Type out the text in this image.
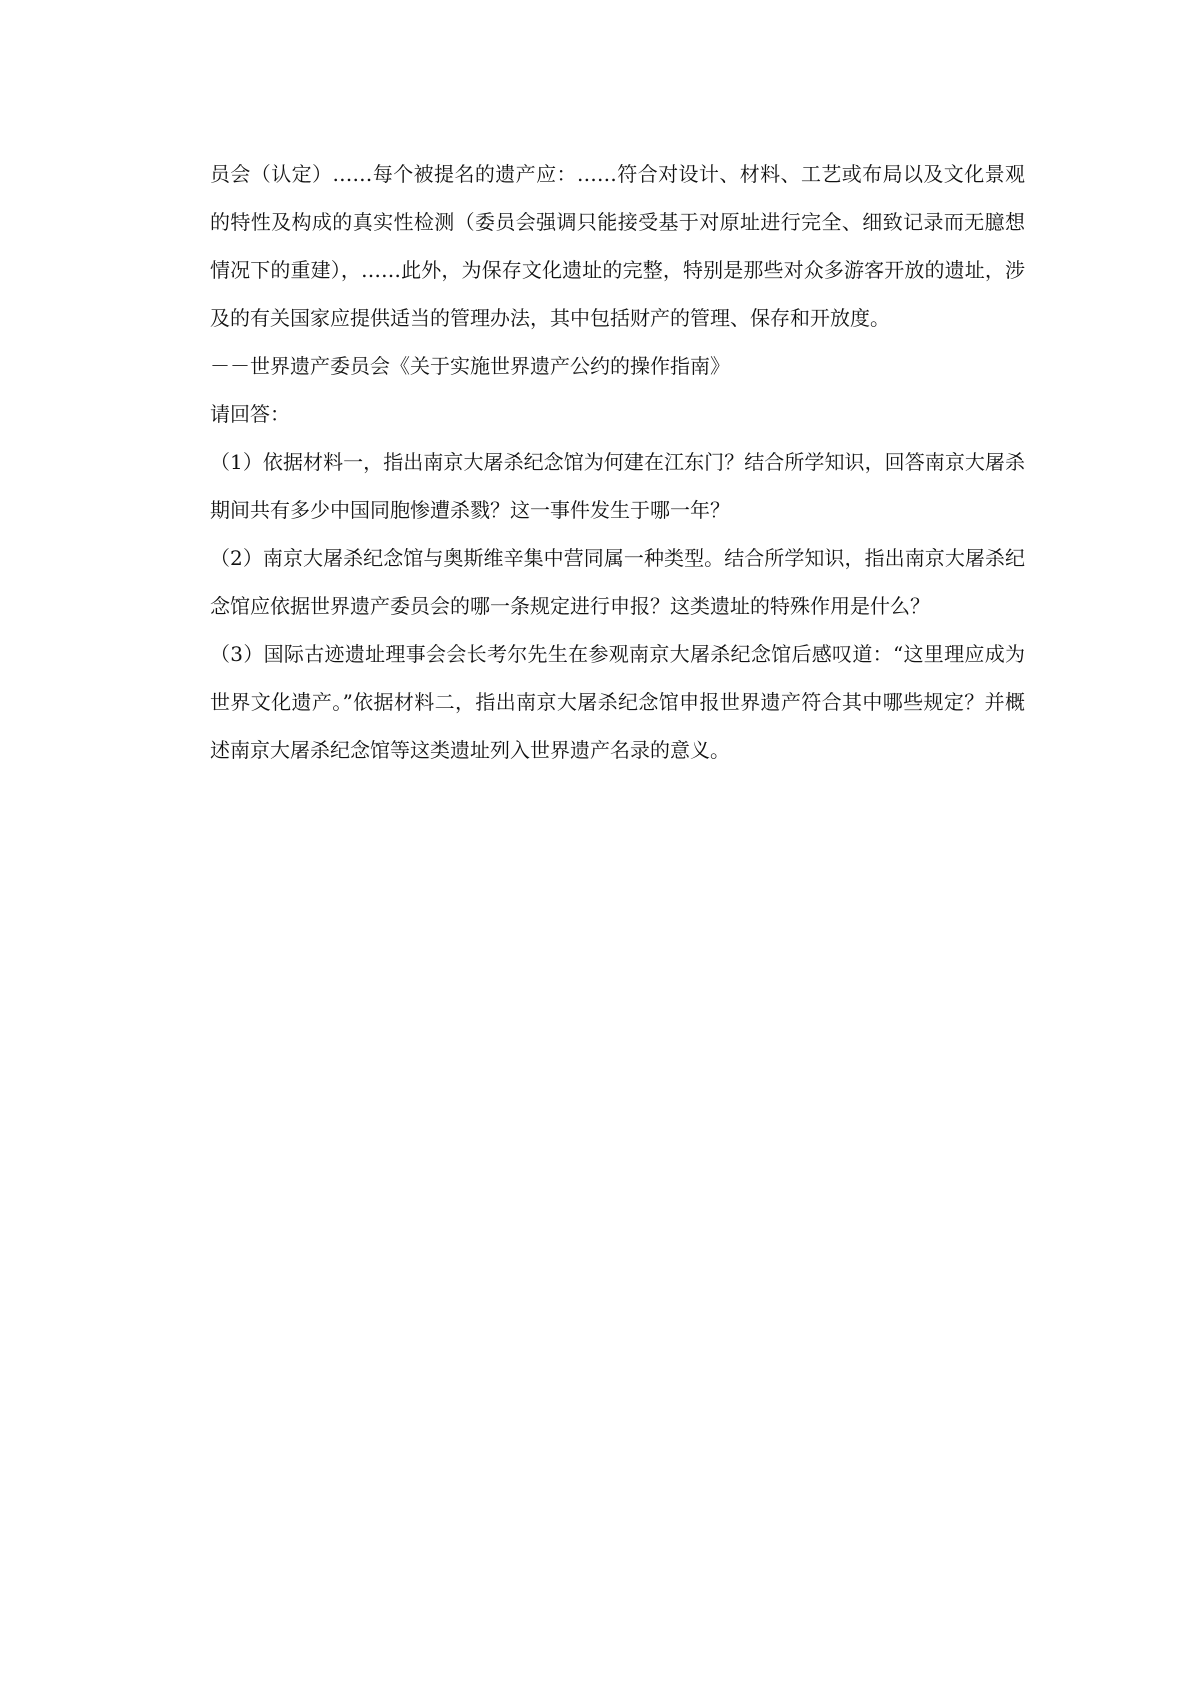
员会（认定）……每个被提名的遗产应：……符合对设计、材料、工艺或布局以及文化景观的特性及构成的真实性检测（委员会强调只能接受基于对原址进行完全、细致记录而无臆想情况下的重建），……此外，为保存文化遗址的完整，特别是那些对众多游客开放的遗址，涉及的有关国家应提供适当的管理办法，其中包括财产的管理、保存和开放度。

－－世界遗产委员会《关于实施世界遗产公约的操作指南》

请回答：

（1）依据材料一，指出南京大屠杀纪念馆为何建在江东门？结合所学知识，回答南京大屠杀期间共有多少中国同胞惨遭杀戮？这一事件发生于哪一年？

（2）南京大屠杀纪念馆与奥斯维辛集中营同属一种类型。结合所学知识，指出南京大屠杀纪念馆应依据世界遗产委员会的哪一条规定进行申报？这类遗址的特殊作用是什么？

（3）国际古迹遗址理事会会长考尔先生在参观南京大屠杀纪念馆后感叹道：“这里理应成为世界文化遗产。”依据材料二，指出南京大屠杀纪念馆申报世界遗产符合其中哪些规定？并概述南京大屠杀纪念馆等这类遗址列入世界遗产名录的意义。
